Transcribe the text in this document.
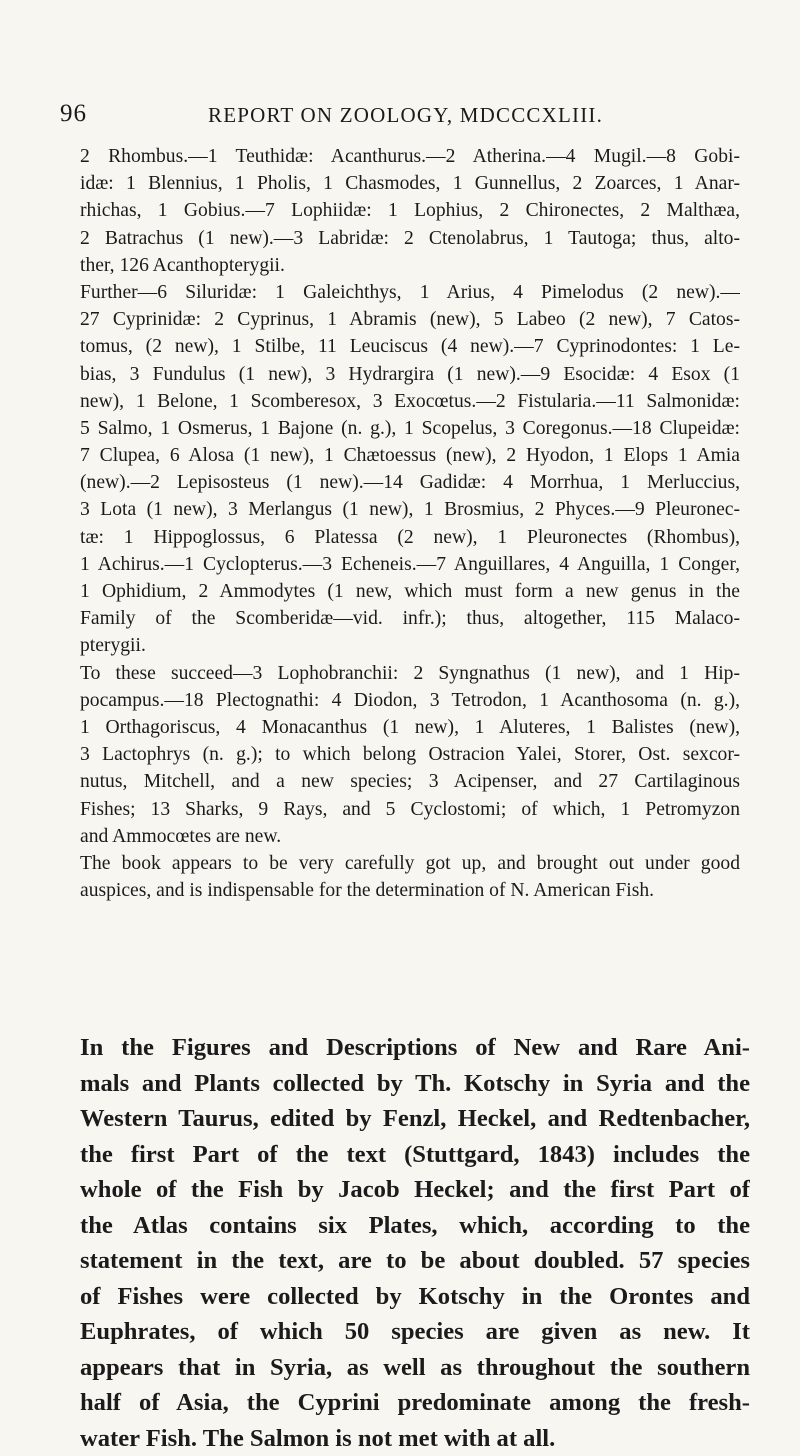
96	REPORT ON ZOOLOGY, MDCCCXLIII.
2 Rhombus.—1 Teuthidæ: Acanthurus.—2 Atherina.—4 Mugil.—8 Gobi-
idæ: 1 Blennius, 1 Pholis, 1 Chasmodes, 1 Gunnellus, 2 Zoarces, 1 Anar-
rhichas, 1 Gobius.—7 Lophiidæ: 1 Lophius, 2 Chironectes, 2 Malthæa,
2 Batrachus (1 new).—3 Labridæ: 2 Ctenolabrus, 1 Tautoga; thus, alto-
ther, 126 Acanthopterygii.
Further—6 Siluridæ: 1 Galeichthys, 1 Arius, 4 Pimelodus (2 new).—
27 Cyprinidæ: 2 Cyprinus, 1 Abramis (new), 5 Labeo (2 new), 7 Catos-
tomus, (2 new), 1 Stilbe, 11 Leuciscus (4 new).—7 Cyprinodontes: 1 Le-
bias, 3 Fundulus (1 new), 3 Hydrargira (1 new).—9 Esocidæ: 4 Esox (1
new), 1 Belone, 1 Scomberesox, 3 Exocœtus.—2 Fistularia.—11 Salmonidæ:
5 Salmo, 1 Osmerus, 1 Bajone (n. g.), 1 Scopelus, 3 Coregonus.—18 Clupeidæ:
7 Clupea, 6 Alosa (1 new), 1 Chætoessus (new), 2 Hyodon, 1 Elops 1 Amia
(new).—2 Lepisosteus (1 new).—14 Gadidæ: 4 Morrhua, 1 Merluccius,
3 Lota (1 new), 3 Merlangus (1 new), 1 Brosmius, 2 Phyces.—9 Pleuronec-
tæ: 1 Hippoglossus, 6 Platessa (2 new), 1 Pleuronectes (Rhombus),
1 Achirus.—1 Cyclopterus.—3 Echeneis.—7 Anguillares, 4 Anguilla, 1 Conger,
1 Ophidium, 2 Ammodytes (1 new, which must form a new genus in the
Family of the Scomberidæ—vid. infr.); thus, altogether, 115 Malaco-
pterygii.
To these succeed—3 Lophobranchii: 2 Syngnathus (1 new), and 1 Hip-
pocampus.—18 Plectognathi: 4 Diodon, 3 Tetrodon, 1 Acanthosoma (n. g.),
1 Orthagoriscus, 4 Monacanthus (1 new), 1 Aluteres, 1 Balistes (new),
3 Lactophrys (n. g.); to which belong Ostracion Yalei, Storer, Ost. sexcor-
nutus, Mitchell, and a new species; 3 Acipenser, and 27 Cartilaginous
Fishes; 13 Sharks, 9 Rays, and 5 Cyclostomi; of which, 1 Petromyzon
and Ammocœtes are new.
The book appears to be very carefully got up, and brought out under good
auspices, and is indispensable for the determination of N. American Fish.
In the Figures and Descriptions of New and Rare Ani-
mals and Plants collected by Th. Kotschy in Syria and the
Western Taurus, edited by Fenzl, Heckel, and Redtenbacher,
the first Part of the text (Stuttgard, 1843) includes the
whole of the Fish by Jacob Heckel; and the first Part of
the Atlas contains six Plates, which, according to the
statement in the text, are to be about doubled. 57 species
of Fishes were collected by Kotschy in the Orontes and
Euphrates, of which 50 species are given as new. It
appears that in Syria, as well as throughout the southern
half of Asia, the Cyprini predominate among the fresh-
water Fish. The Salmon is not met with at all.
